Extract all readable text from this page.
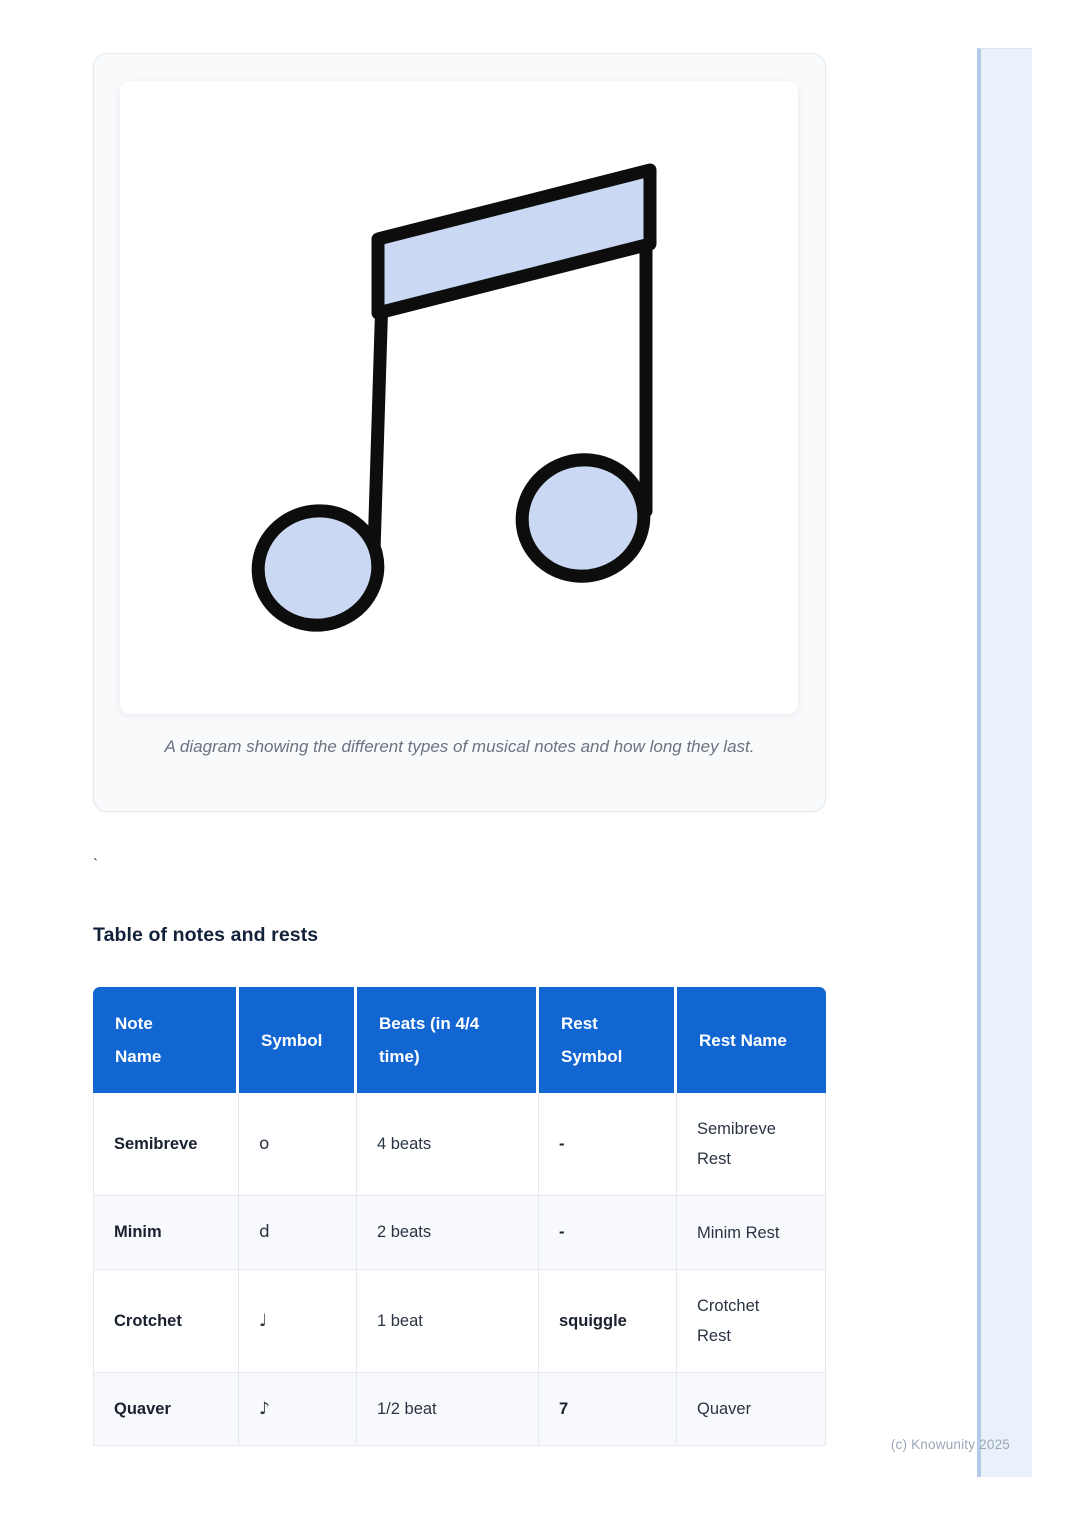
A diagram showing the different types of musical notes and how long they last.
`
Table of notes and rests
Note Name	Symbol	Beats (in 4/4 time)	Rest Symbol	Rest Name
Semibreve	o	4 beats	-	Semibreve Rest
Minim	d	2 beats	-	Minim Rest
Crotchet	♩	1 beat	squiggle	Crotchet Rest
Quaver	♪	1/2 beat	7	Quaver
(c) Knowunity 2025
